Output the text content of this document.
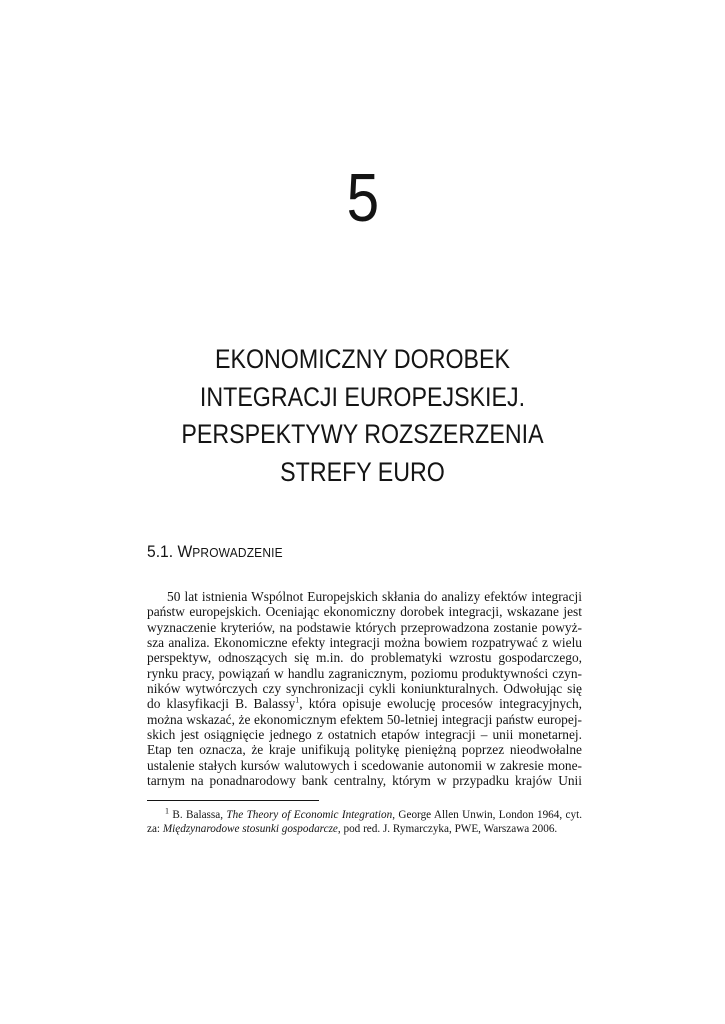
5
EKONOMICZNY DOROBEK
INTEGRACJI EUROPEJSKIEJ.
PERSPEKTYWY ROZSZERZENIA
STREFY EURO
5.1. WPROWADZENIE
50 lat istnienia Wspólnot Europejskich skłania do analizy efektów integracji
państw europejskich. Oceniając ekonomiczny dorobek integracji, wskazane jest
wyznaczenie kryteriów, na podstawie których przeprowadzona zostanie powyż-
sza analiza. Ekonomiczne efekty integracji można bowiem rozpatrywać z wielu
perspektyw, odnoszących się m.in. do problematyki wzrostu gospodarczego,
rynku pracy, powiązań w handlu zagranicznym, poziomu produktywności czyn-
ników wytwórczych czy synchronizacji cykli koniunkturalnych. Odwołując się
do klasyfikacji B. Balassy$^1$, która opisuje ewolucję procesów integracyjnych,
można wskazać, że ekonomicznym efektem 50-letniej integracji państw europej-
skich jest osiągnięcie jednego z ostatnich etapów integracji – unii monetarnej.
Etap ten oznacza, że kraje unifikują politykę pieniężną poprzez nieodwołalne
ustalenie stałych kursów walutowych i scedowanie autonomii w zakresie mone-
tarnym na ponadnarodowy bank centralny, którym w przypadku krajów Unii
$^1$ B. Balassa, The Theory of Economic Integration, George Allen Unwin, London 1964, cyt.
za: Międzynarodowe stosunki gospodarcze, pod red. J. Rymarczyka, PWE, Warszawa 2006.
